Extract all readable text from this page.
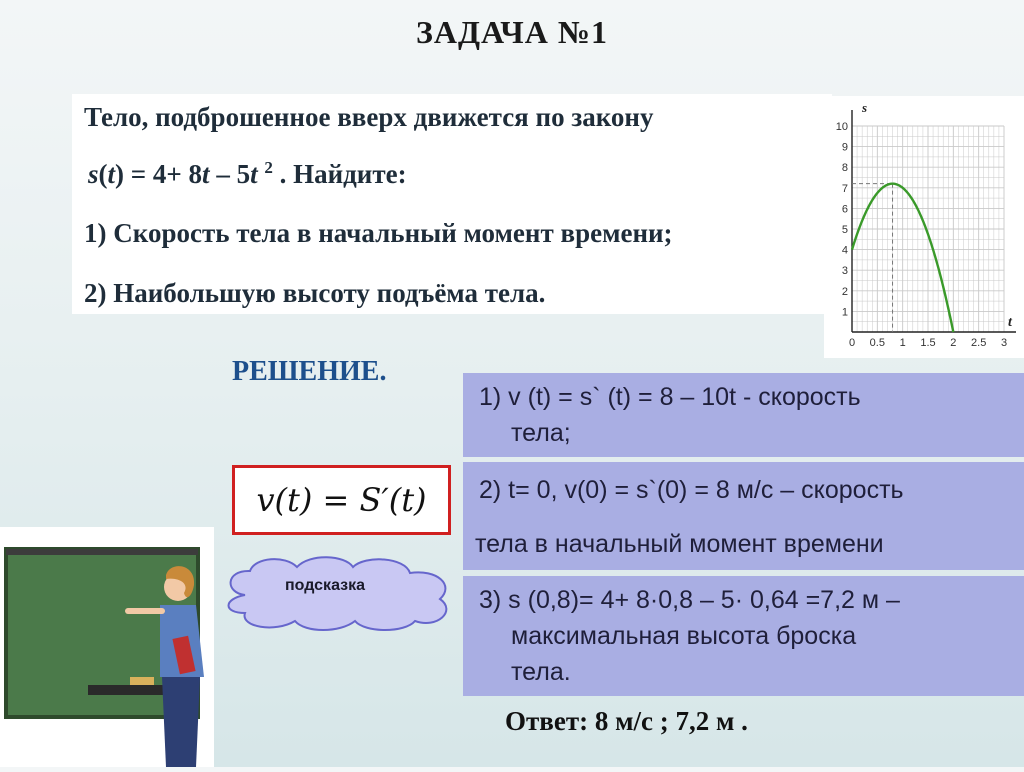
ЗАДАЧА №1
Тело, подброшенное вверх движется по закону
s(t) = 4+ 8t – 5t $^2$ . Найдите:
1) Скорость тела в начальный момент времени;
2) Наибольшую высоту подъёма тела.
1
2
3
4
5
6
7
8
9
10
0 0.5 1 1.5 2 2.5 3
s
t
РЕШЕНИЕ.
1) v (t) = s` (t) = 8 – 10t - скорость
тела;
2) t= 0, v(0) = s`(0) = 8 м/с – скорость
тела в начальный момент времени
3) s (0,8)= 4+ 8·0,8 – 5· 0,64 =7,2 м –
максимальная высота броска
тела.
v(t) = S′(t)
подсказка
Ответ: 8 м/с ; 7,2 м .
